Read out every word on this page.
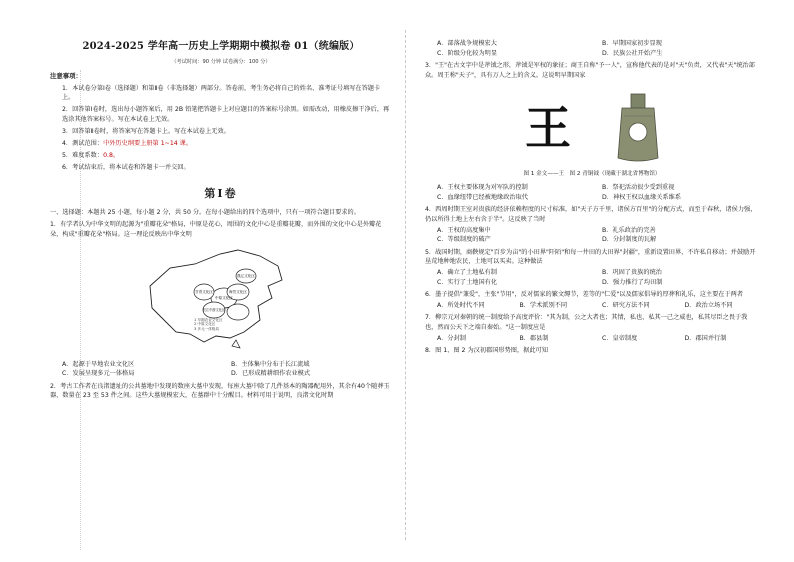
2024-2025 学年高一历史上学期期中模拟卷 01（统编版）
（考试时间：90 分钟 试卷满分：100 分）
注意事项：
1．本试卷分第Ⅰ卷（选择题）和第Ⅱ卷（非选择题）两部分。答卷前，考生务必将自己的姓名、准考证号填写在答题卡上。
2．回答第Ⅰ卷时，选出每小题答案后，用 2B 铅笔把答题卡上对应题目的答案标号涂黑。如需改动，用橡皮擦干净后，再选涂其他答案标号。写在本试卷上无效。
3．回答第Ⅱ卷时，将答案写在答题卡上。写在本试卷上无效。
4．测试范围：中外历史纲要上册第 1~14 课。
5．难度系数：0.8。
6．考试结束后，将本试卷和答题卡一并交回。
第Ⅰ卷
一、选择题：本题共 25 小题，每小题 2 分，共 50 分。在每小题给出的四个选项中，只有一项符合题目要求的。
1．有学者认为中华文明的起源为"重瓣花朵"格局，中原是花心，周围的文化中心是重瓣花瓣，而外围的文化中心是外瓣花朵，构成"重瓣花朵"格局。这一理论反映出中华文明
中原文化区
海岱文化区
长江中游文化区
燕辽文化区
甘青文化区
1 早期农业文化区
2 中原文化区
3 多元一体格局
A．起源于旱地农业文化区	B．主体集中分布于长江流域
C．发展呈现多元一体格局	D．已形成精耕细作农业模式
2．考古工作者在良渚遗址的公共墓地中发现的数座大墓中发现，每座大墓中除了几件基本的陶器配用外，其余有40个随葬玉器，数量在 23 至 53 件之间。这些大墓规模宏大，在墓群中十分醒目。材料可用于说明，良渚文化时期
A．部落战争规模宏大	B．早期国家初步显现
C．阶级分化较为明显	D．民族公社开始产生
3．"王"在古文字中是斧钺之形，斧钺是军权的象征；商王自称"予一人"，宣称他代表的是对"天"负责，又代表"天"统治部众。周王称"天子"，具有万人之上的含义。这说明早期国家
王
图 1 金文——王 图 2 青铜钺（现藏于湖北省博物馆）
A．王权主要体现为对军队的控制	B．祭祀活动很少受到重视
C．血缘纽带已经被地缘政治取代	D．神权王权以血缘关系维系
4．西周时期王室对贵族的经济依赖程度的尺寸标准，如"天子方千里，诸侯方百里"的分配方式，而至于春秋，诸侯力强，仍以所得土地上左右含于半"。这反映了当时
A．王权的高度集中	B．礼乐政治的完善
C．等级制度的破产	D．分封制度的瓦解
5．战国时期，商鞅规定"百步为亩"的小田界"阡陌"和每一井田的大田界"封疆"，重新设置田界，不许私自移动；并鼓励开垦荒地种地农民，土地可以买卖。这种做法
A．确立了土地私有制	B．巩固了贵族的统治
C．实行了土地国有化	D．强力推行了均田制
6．墨子提倡"兼爱"，主张"节用"，反对儒家的繁文缛节，差等的"仁爱"以及儒家倡导的厚葬和礼乐，这主要在于两者
A．所处时代不同	B．学术派别不同	C．研究方法不同	D．政治立场不同
7．柳宗元对秦朝的统一制度给予高度评价："其为制，公之大者也；其情，私也，私其一己之威也，私其尽臣之畏于我也，然而公天下之端自秦始。"这一制度应是
A．分封制	B．郡县制	C．皇帝制度	D．郡国并行制
8．图 1、图 2 为汉初郡国形势图，据此可知
